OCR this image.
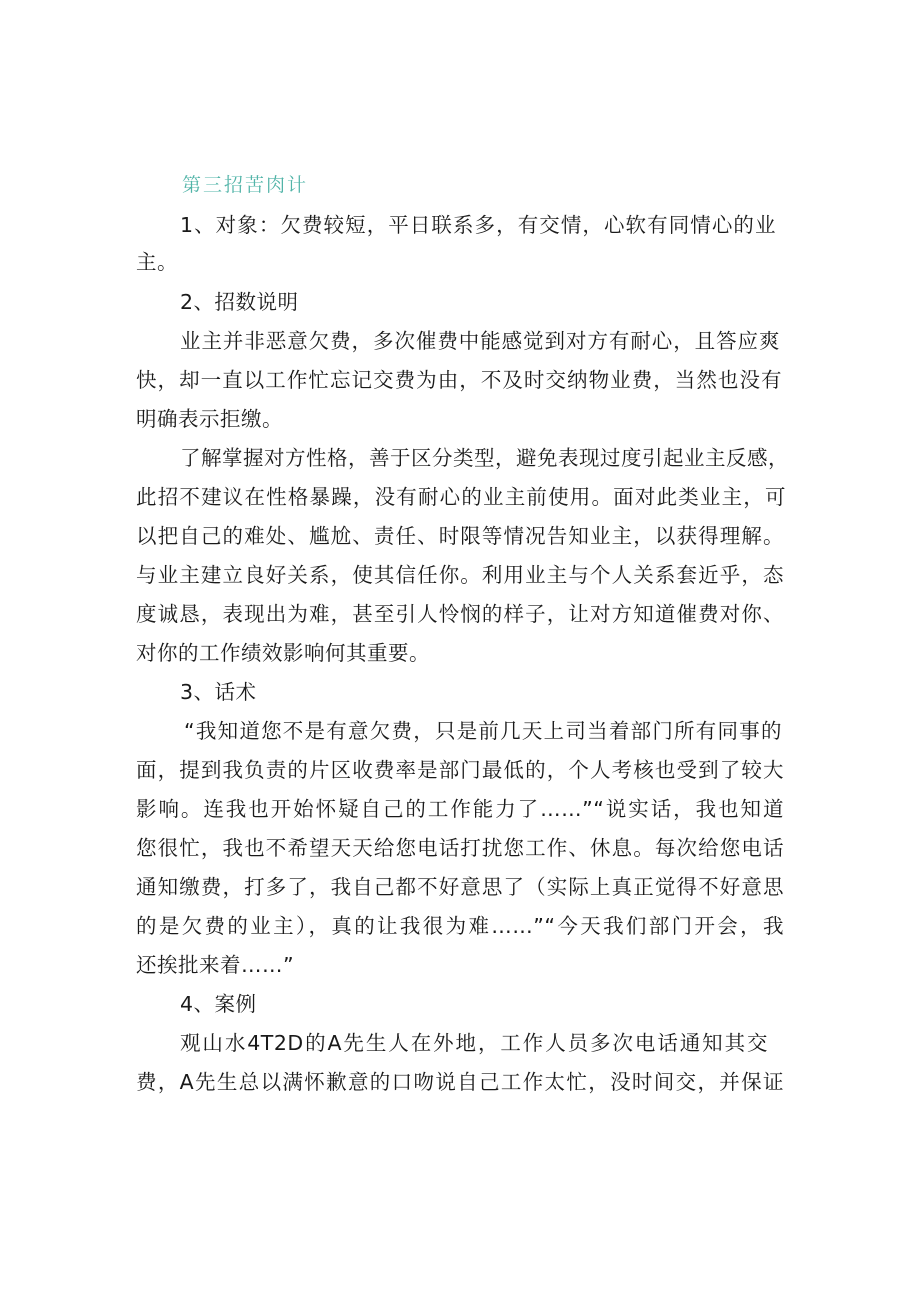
第三招苦肉计

1、对象：欠费较短，平日联系多，有交情，心软有同情心的业

主。

2、招数说明

业主并非恶意欠费，多次催费中能感觉到对方有耐心，且答应爽

快，却一直以工作忙忘记交费为由，不及时交纳物业费，当然也没有

明确表示拒缴。

了解掌握对方性格，善于区分类型，避免表现过度引起业主反感，

此招不建议在性格暴躁，没有耐心的业主前使用。面对此类业主，可

以把自己的难处、尴尬、责任、时限等情况告知业主，以获得理解。

与业主建立良好关系，使其信任你。利用业主与个人关系套近乎，态

度诚恳，表现出为难，甚至引人怜悯的样子，让对方知道催费对你、

对你的工作绩效影响何其重要。

3、话术

“我知道您不是有意欠费，只是前几天上司当着部门所有同事的

面，提到我负责的片区收费率是部门最低的，个人考核也受到了较大

影响。连我也开始怀疑自己的工作能力了……”“说实话，我也知道

您很忙，我也不希望天天给您电话打扰您工作、休息。每次给您电话

通知缴费，打多了，我自己都不好意思了（实际上真正觉得不好意思

的是欠费的业主），真的让我很为难……”“今天我们部门开会，我

还挨批来着……”

4、案例

观山水4T2D的A先生人在外地，工作人员多次电话通知其交

费，A先生总以满怀歉意的口吻说自己工作太忙，没时间交，并保证
